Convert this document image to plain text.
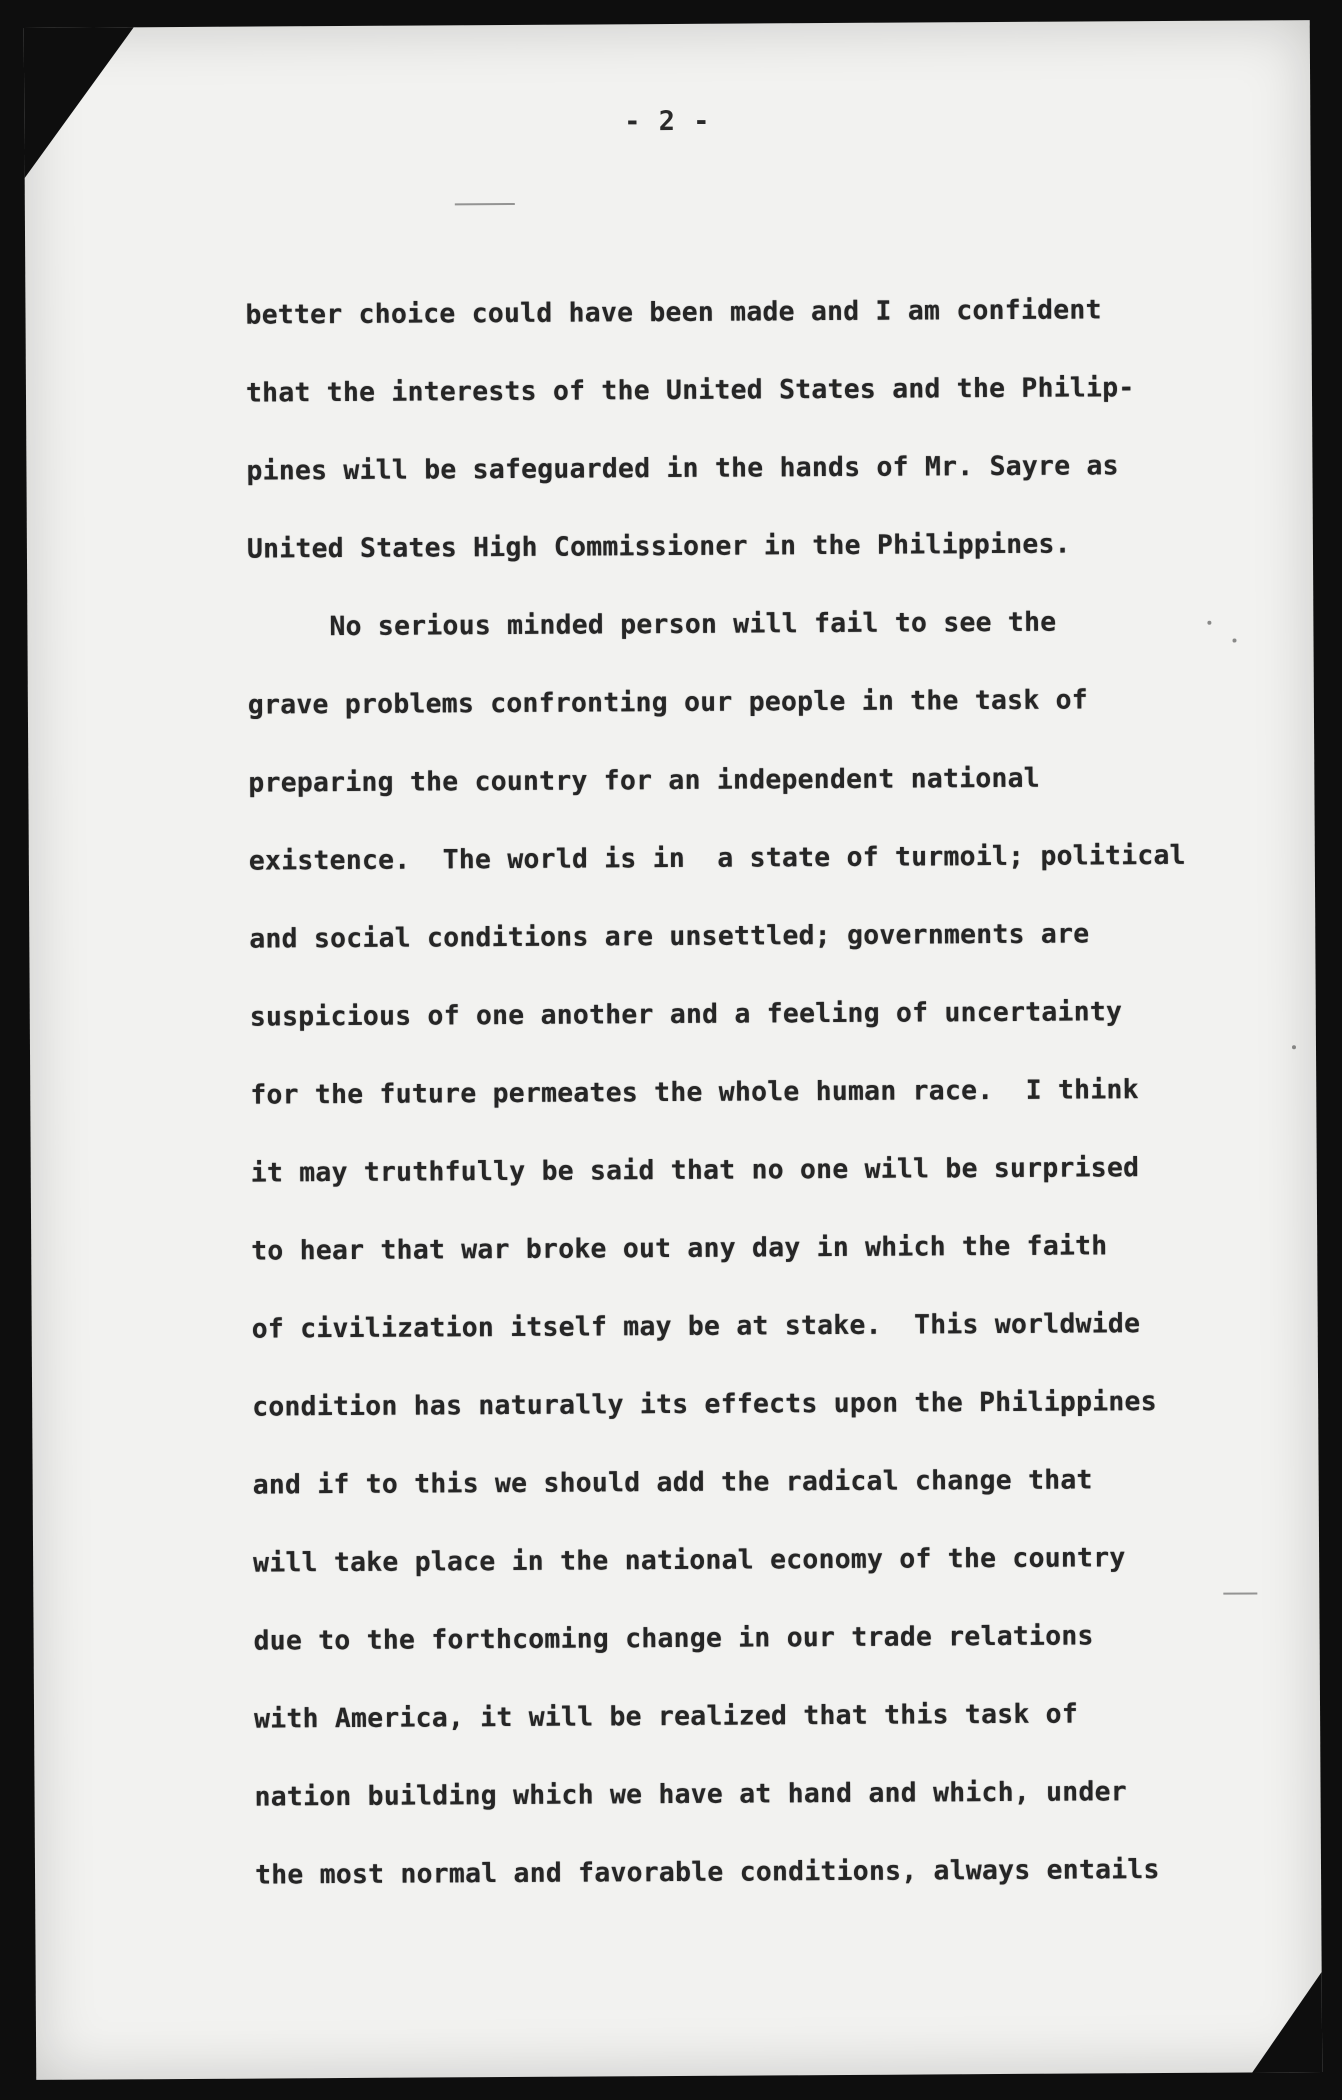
- 2 -
better choice could have been made and I am confident
that the interests of the United States and the Philip-
pines will be safeguarded in the hands of Mr. Sayre as
United States High Commissioner in the Philippines.
No serious minded person will fail to see the
grave problems confronting our people in the task of
preparing the country for an independent national
existence.  The world is in  a state of turmoil; political
and social conditions are unsettled; governments are
suspicious of one another and a feeling of uncertainty
for the future permeates the whole human race.  I think
it may truthfully be said that no one will be surprised
to hear that war broke out any day in which the faith
of civilization itself may be at stake.  This worldwide
condition has naturally its effects upon the Philippines
and if to this we should add the radical change that
will take place in the national economy of the country
due to the forthcoming change in our trade relations
with America, it will be realized that this task of
nation building which we have at hand and which, under
the most normal and favorable conditions, always entails
